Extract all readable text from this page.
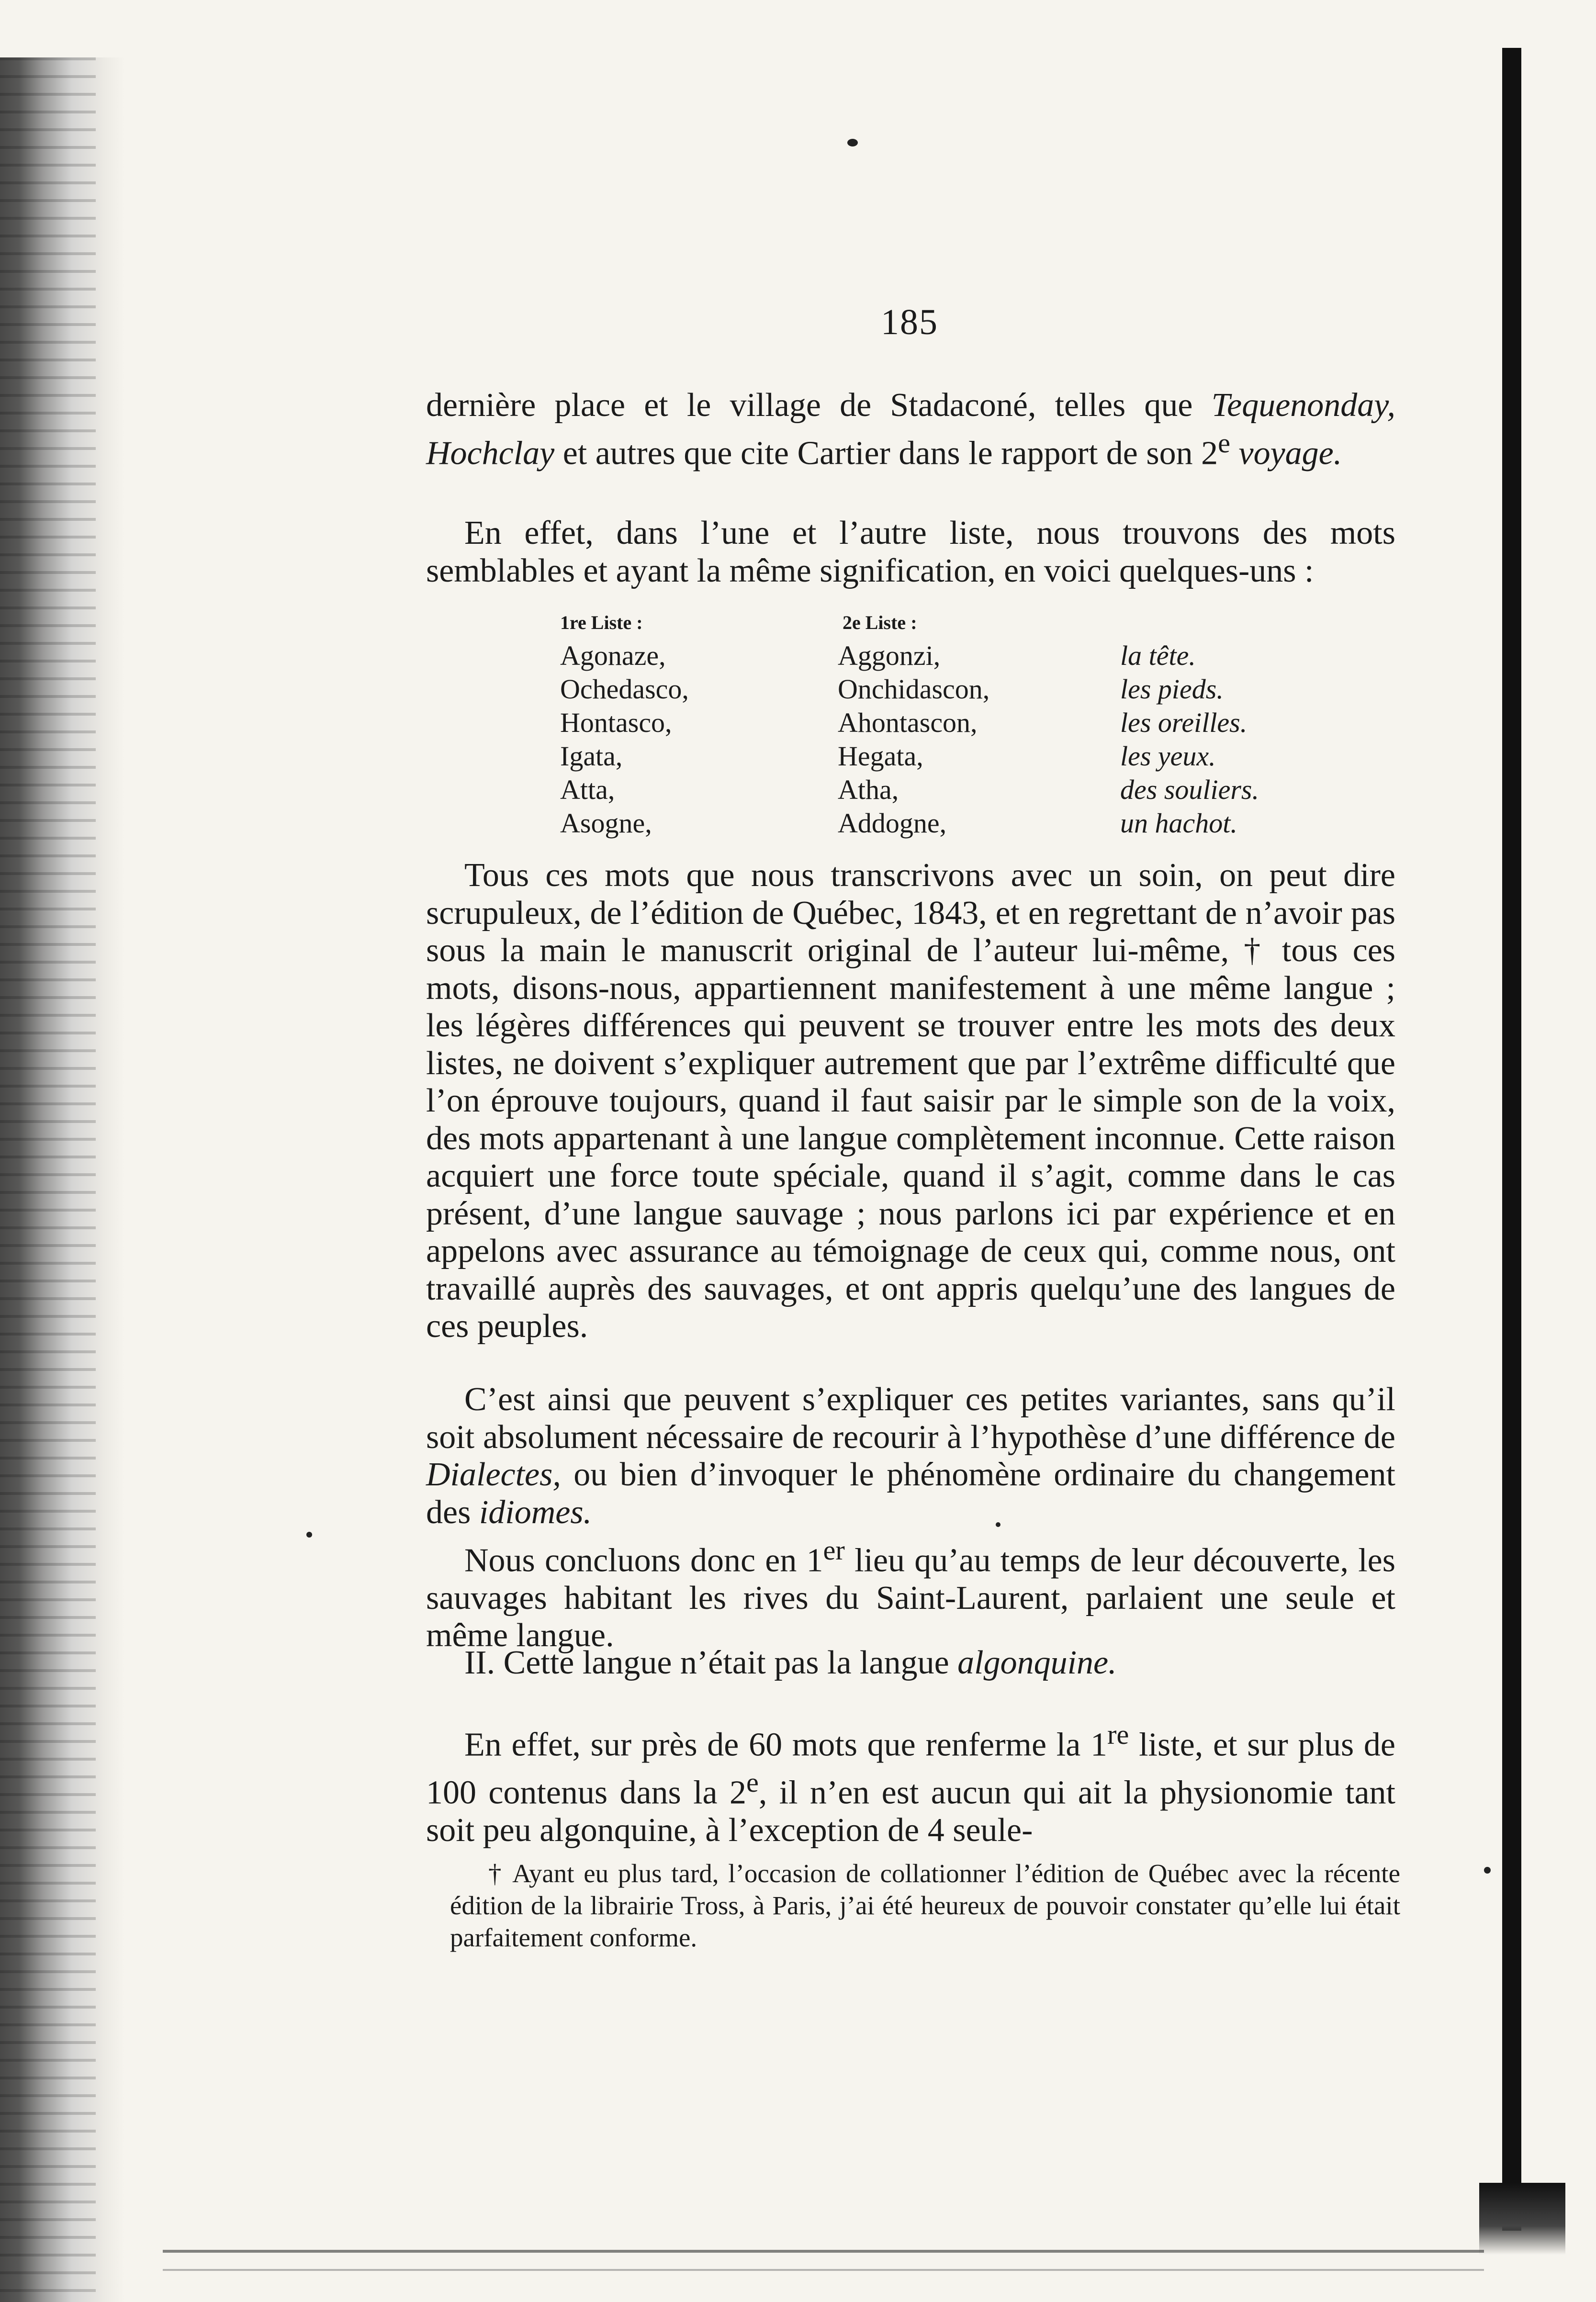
185

dernière place et le village de Stadaconé, telles que Tequenonday, Hochclay et autres que cite Cartier dans le rapport de son 2e voyage.

En effet, dans l’une et l’autre liste, nous trouvons des mots semblables et ayant la même signification, en voici quelques-uns :

1re Liste :	2e Liste :
Agonaze,	Aggonzi,	la tête.
Ochedasco,	Onchidascon,	les pieds.
Hontasco,	Ahontascon,	les oreilles.
Igata,	Hegata,	les yeux.
Atta,	Atha,	des souliers.
Asogne,	Addogne,	un hachot.

Tous ces mots que nous transcrivons avec un soin, on peut dire scrupuleux, de l’édition de Québec, 1843, et en regrettant de n’avoir pas sous la main le manuscrit original de l’auteur lui-même, † tous ces mots, disons-nous, appartiennent manifestement à une même langue ; les légères différences qui peuvent se trouver entre les mots des deux listes, ne doivent s’expliquer autrement que par l’extrême difficulté que l’on éprouve toujours, quand il faut saisir par le simple son de la voix, des mots appartenant à une langue complètement inconnue. Cette raison acquiert une force toute spéciale, quand il s’agit, comme dans le cas présent, d’une langue sauvage ; nous parlons ici par expérience et en appelons avec assurance au témoignage de ceux qui, comme nous, ont travaillé auprès des sauvages, et ont appris quelqu’une des langues de ces peuples.

C’est ainsi que peuvent s’expliquer ces petites variantes, sans qu’il soit absolument nécessaire de recourir à l’hypothèse d’une différence de Dialectes, ou bien d’invoquer le phénomène ordinaire du changement des idiomes.

Nous concluons donc en 1er lieu qu’au temps de leur découverte, les sauvages habitant les rives du Saint-Laurent, parlaient une seule et même langue.

II. Cette langue n’était pas la langue algonquine.

En effet, sur près de 60 mots que renferme la 1re liste, et sur plus de 100 contenus dans la 2e, il n’en est aucun qui ait la physionomie tant soit peu algonquine, à l’exception de 4 seule-

† Ayant eu plus tard, l’occasion de collationner l’édition de Québec avec la récente édition de la librairie Tross, à Paris, j’ai été heureux de pouvoir constater qu’elle lui était parfaitement conforme.
